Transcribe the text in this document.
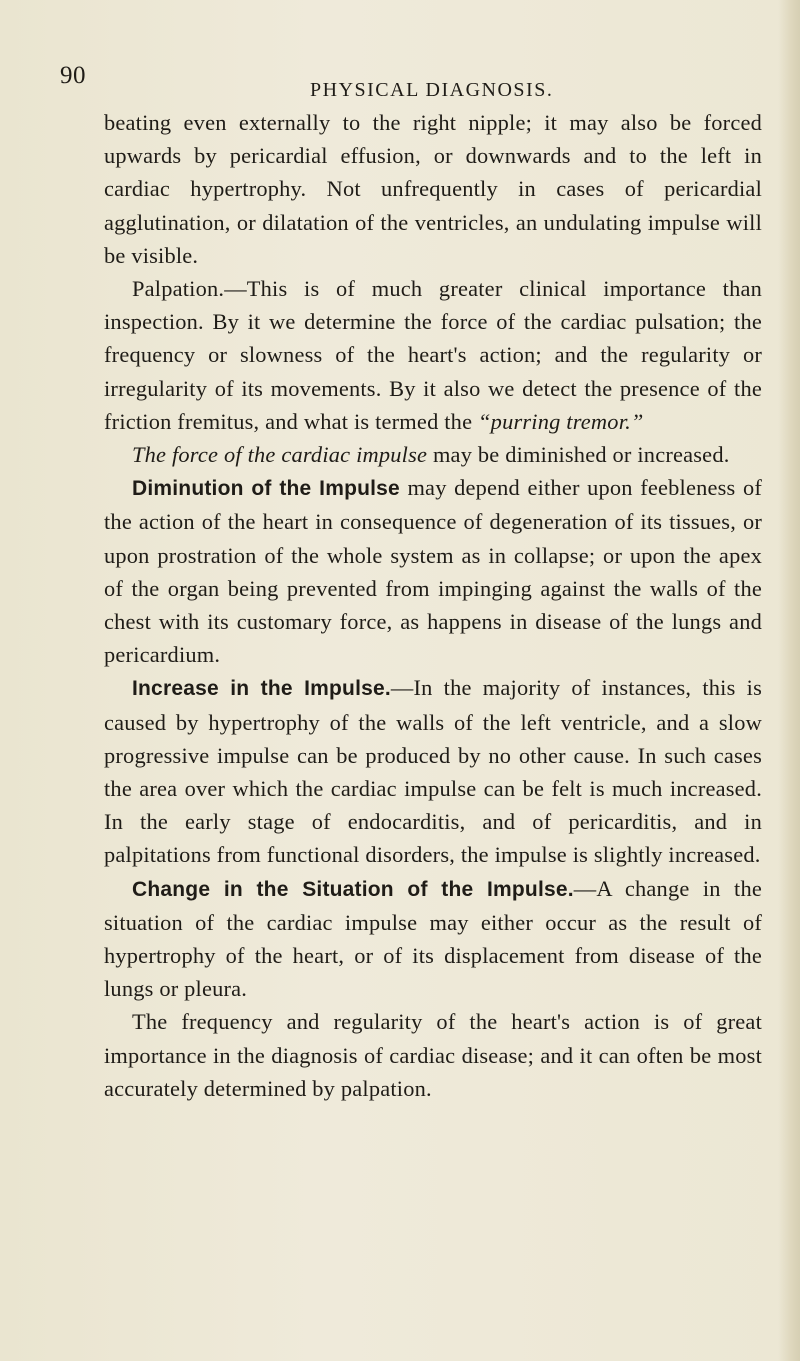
90
PHYSICAL DIAGNOSIS.

beating even externally to the right nipple; it may also be forced upwards by pericardial effusion, or downwards and to the left in cardiac hypertrophy. Not unfrequently in cases of pericardial agglutination, or dilatation of the ventricles, an undulating impulse will be visible.

Palpation.—This is of much greater clinical importance than inspection. By it we determine the force of the cardiac pulsation; the frequency or slowness of the heart's action; and the regularity or irregularity of its movements. By it also we detect the presence of the friction fremitus, and what is termed the “purring tremor.”

The force of the cardiac impulse may be diminished or increased.

Diminution of the Impulse may depend either upon feebleness of the action of the heart in consequence of degeneration of its tissues, or upon prostration of the whole system as in collapse; or upon the apex of the organ being prevented from impinging against the walls of the chest with its customary force, as happens in disease of the lungs and pericardium.

Increase in the Impulse.—In the majority of instances, this is caused by hypertrophy of the walls of the left ventricle, and a slow progressive impulse can be produced by no other cause. In such cases the area over which the cardiac impulse can be felt is much increased. In the early stage of endocarditis, and of pericarditis, and in palpitations from functional disorders, the impulse is slightly increased.

Change in the Situation of the Impulse.—A change in the situation of the cardiac impulse may either occur as the result of hypertrophy of the heart, or of its displacement from disease of the lungs or pleura.

The frequency and regularity of the heart's action is of great importance in the diagnosis of cardiac disease; and it can often be most accurately determined by palpation.
